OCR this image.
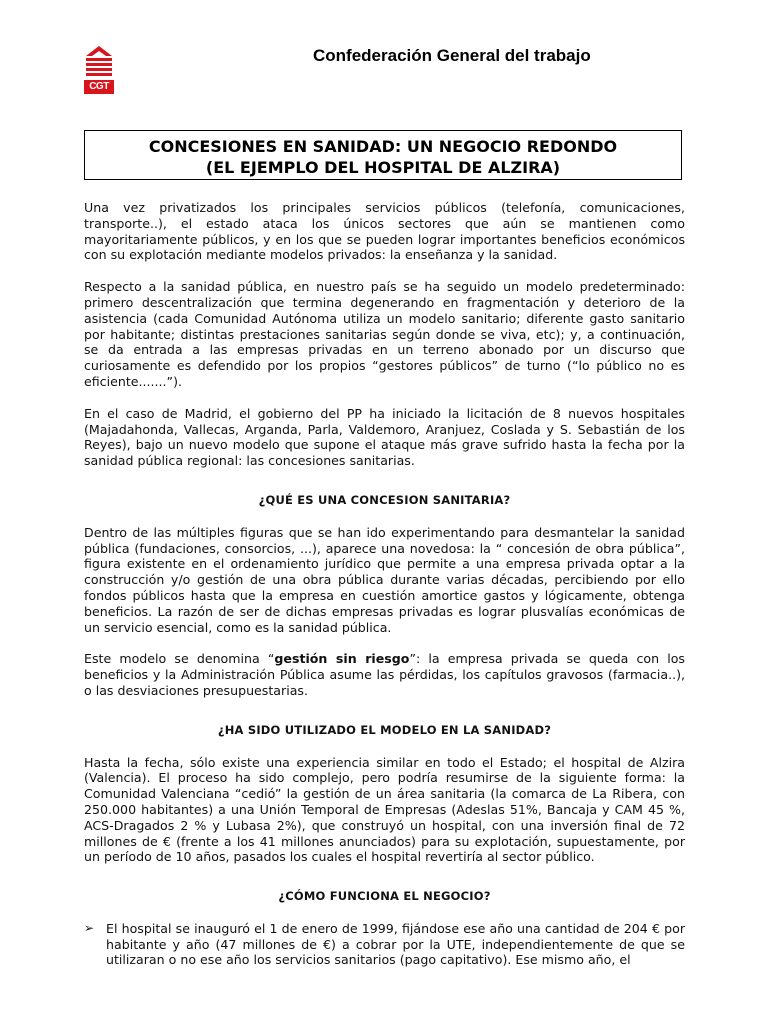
CGT
Confederación General del trabajo
CONCESIONES EN SANIDAD: UN NEGOCIO REDONDO
(EL EJEMPLO DEL HOSPITAL DE ALZIRA)

Una vez privatizados los principales servicios públicos (telefonía, comunicaciones, transporte..), el estado ataca los únicos sectores que aún se mantienen como mayoritariamente públicos, y en los que se pueden lograr importantes beneficios económicos con su explotación mediante modelos privados: la enseñanza y la sanidad.

Respecto a la sanidad pública, en nuestro país se ha seguido un modelo predeterminado: primero descentralización que termina degenerando en fragmentación y deterioro de la asistencia (cada Comunidad Autónoma utiliza un modelo sanitario; diferente gasto sanitario por habitante; distintas prestaciones sanitarias según donde se viva, etc); y, a continuación, se da entrada a las empresas privadas en un terreno abonado por un discurso que curiosamente es defendido por los propios “gestores públicos” de turno (“lo público no es eficiente.......”).

En el caso de Madrid, el gobierno del PP ha iniciado la licitación de 8 nuevos hospitales (Majadahonda, Vallecas, Arganda, Parla, Valdemoro, Aranjuez, Coslada y S. Sebastián de los Reyes), bajo un nuevo modelo que supone el ataque más grave sufrido hasta la fecha por la sanidad pública regional: las concesiones sanitarias.

¿QUÉ ES UNA CONCESION SANITARIA?

Dentro de las múltiples figuras que se han ido experimentando para desmantelar la sanidad pública (fundaciones, consorcios, ...), aparece una novedosa: la “ concesión de obra pública”, figura existente en el ordenamiento jurídico que permite a una empresa privada optar a la construcción y/o gestión de una obra pública durante varias décadas, percibiendo por ello fondos públicos hasta que la empresa en cuestión amortice gastos y lógicamente, obtenga beneficios. La razón de ser de dichas empresas privadas es lograr plusvalías económicas de un servicio esencial, como es la sanidad pública.

Este modelo se denomina “gestión sin riesgo”: la empresa privada se queda con los beneficios y la Administración Pública asume las pérdidas, los capítulos gravosos (farmacia..), o las desviaciones presupuestarias.

¿HA SIDO UTILIZADO EL MODELO EN LA SANIDAD?

Hasta la fecha, sólo existe una experiencia similar en todo el Estado; el hospital de Alzira (Valencia). El proceso ha sido complejo, pero podría resumirse de la siguiente forma: la Comunidad Valenciana “cedió” la gestión de un área sanitaria (la comarca de La Ribera, con 250.000 habitantes) a una Unión Temporal de Empresas (Adeslas 51%, Bancaja y CAM 45 %, ACS-Dragados 2 % y Lubasa 2%), que construyó un hospital, con una inversión final de 72 millones de € (frente a los 41 millones anunciados) para su explotación, supuestamente, por un período de 10 años, pasados los cuales el hospital revertiría al sector público.

¿CÓMO FUNCIONA EL NEGOCIO?
➢ El hospital se inauguró el 1 de enero de 1999, fijándose ese año una cantidad de 204 € por habitante y año (47 millones de €) a cobrar por la UTE, independientemente de que se utilizaran o no ese año los servicios sanitarios (pago capitativo). Ese mismo año, el
